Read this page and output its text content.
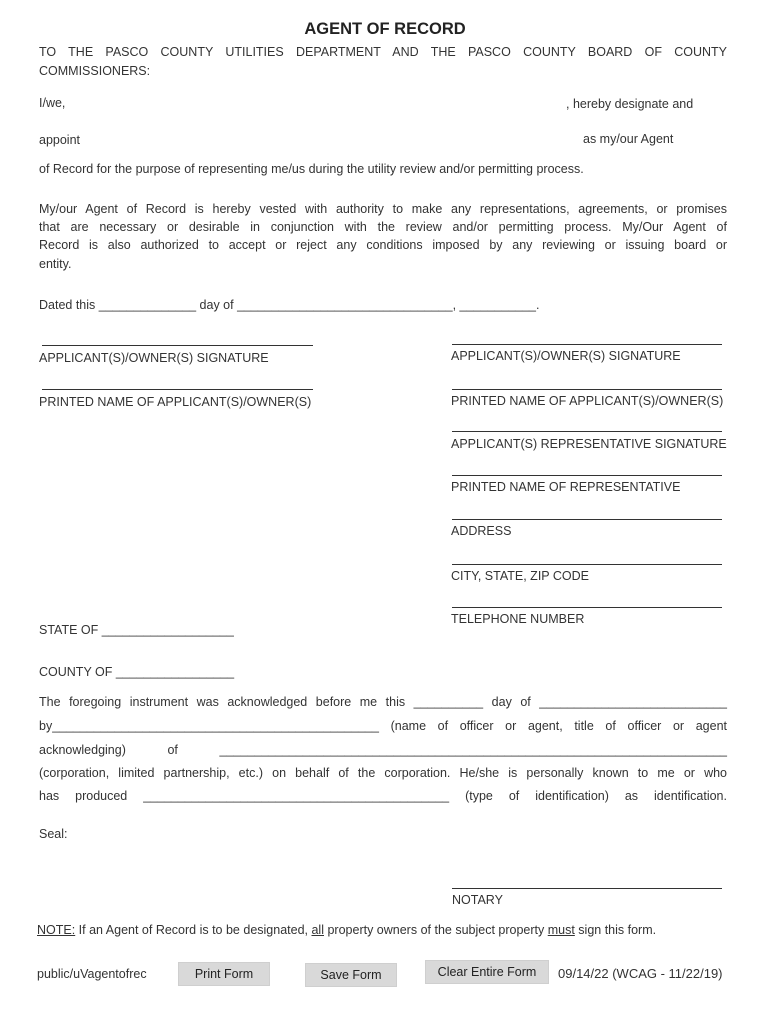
AGENT OF RECORD
TO THE PASCO COUNTY UTILITIES DEPARTMENT AND THE PASCO COUNTY BOARD OF COUNTY
COMMISSIONERS:
I/we,	, hereby designate and
appoint	as my/our Agent
of Record for the purpose of representing me/us during the utility review and/or permitting process.
My/our Agent of Record is hereby vested with authority to make any representations, agreements, or promises
that are necessary or desirable in conjunction with the review and/or permitting process. My/Our Agent of
Record is also authorized to accept or reject any conditions imposed by any reviewing or issuing board or
entity.
Dated this ______________ day of _______________________________, ___________.
APPLICANT(S)/OWNER(S) SIGNATURE
PRINTED NAME OF APPLICANT(S)/OWNER(S)
APPLICANT(S)/OWNER(S) SIGNATURE
PRINTED NAME OF APPLICANT(S)/OWNER(S)
APPLICANT(S) REPRESENTATIVE SIGNATURE
PRINTED NAME OF REPRESENTATIVE
ADDRESS
CITY, STATE, ZIP CODE
TELEPHONE NUMBER
STATE OF ___________________
COUNTY OF _________________
The foregoing instrument was acknowledged before me this __________ day of ___________________________
by_______________________________________________ (name of officer or agent, title of officer or agent
acknowledging) of _________________________________________________________________________
(corporation, limited partnership, etc.) on behalf of the corporation. He/she is personally known to me or who
has produced ____________________________________________ (type of identification) as identification.
Seal:
NOTARY
NOTE: If an Agent of Record is to be designated, all property owners of the subject property must sign this form.
public/uVagentofrec	Print Form	Save Form	Clear Entire Form	09/14/22 (WCAG - 11/22/19)
